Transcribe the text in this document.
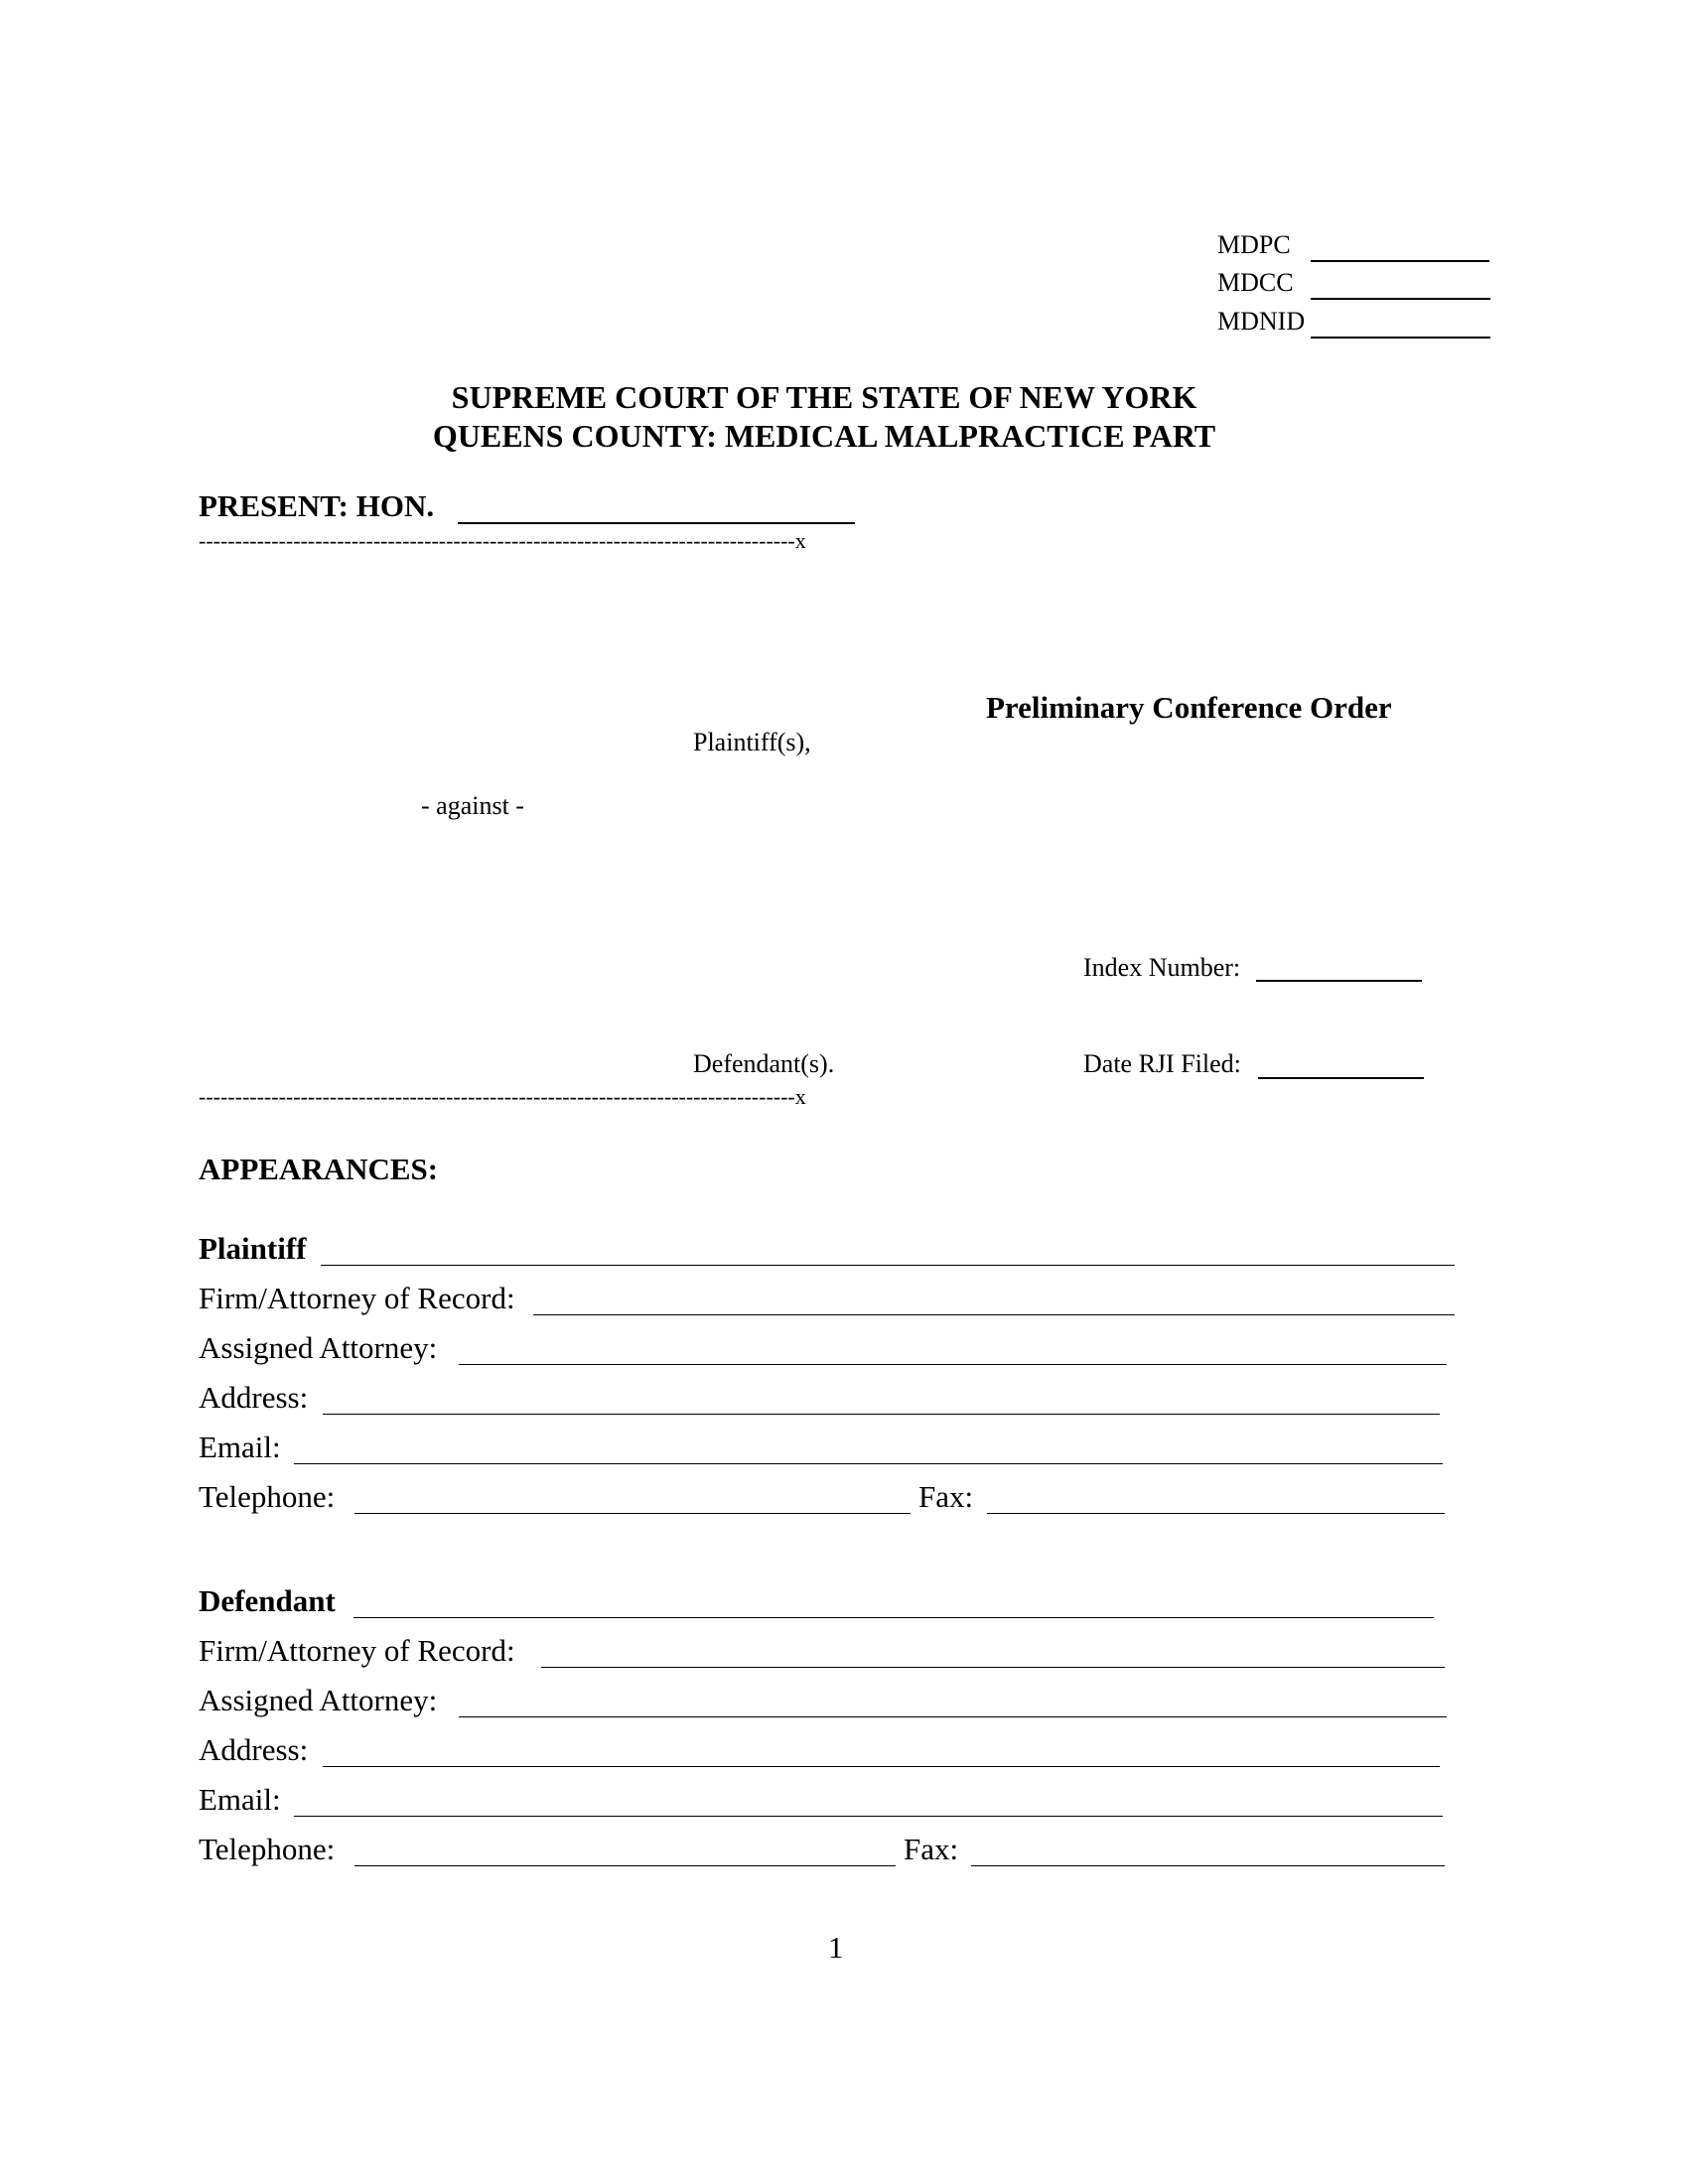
MDPC
MDCC
MDNID
SUPREME COURT OF THE STATE OF NEW YORK
QUEENS COUNTY: MEDICAL MALPRACTICE PART
PRESENT: HON.
----------------------------------------------------------------------------------x
Preliminary Conference Order
Plaintiff(s),
- against -
Index Number:
Defendant(s).	Date RJI Filed:
----------------------------------------------------------------------------------x
APPEARANCES:
Plaintiff
Firm/Attorney of Record:
Assigned Attorney:
Address:
Email:
Telephone:	Fax:
Defendant
Firm/Attorney of Record:
Assigned Attorney:
Address:
Email:
Telephone:	Fax:
1
